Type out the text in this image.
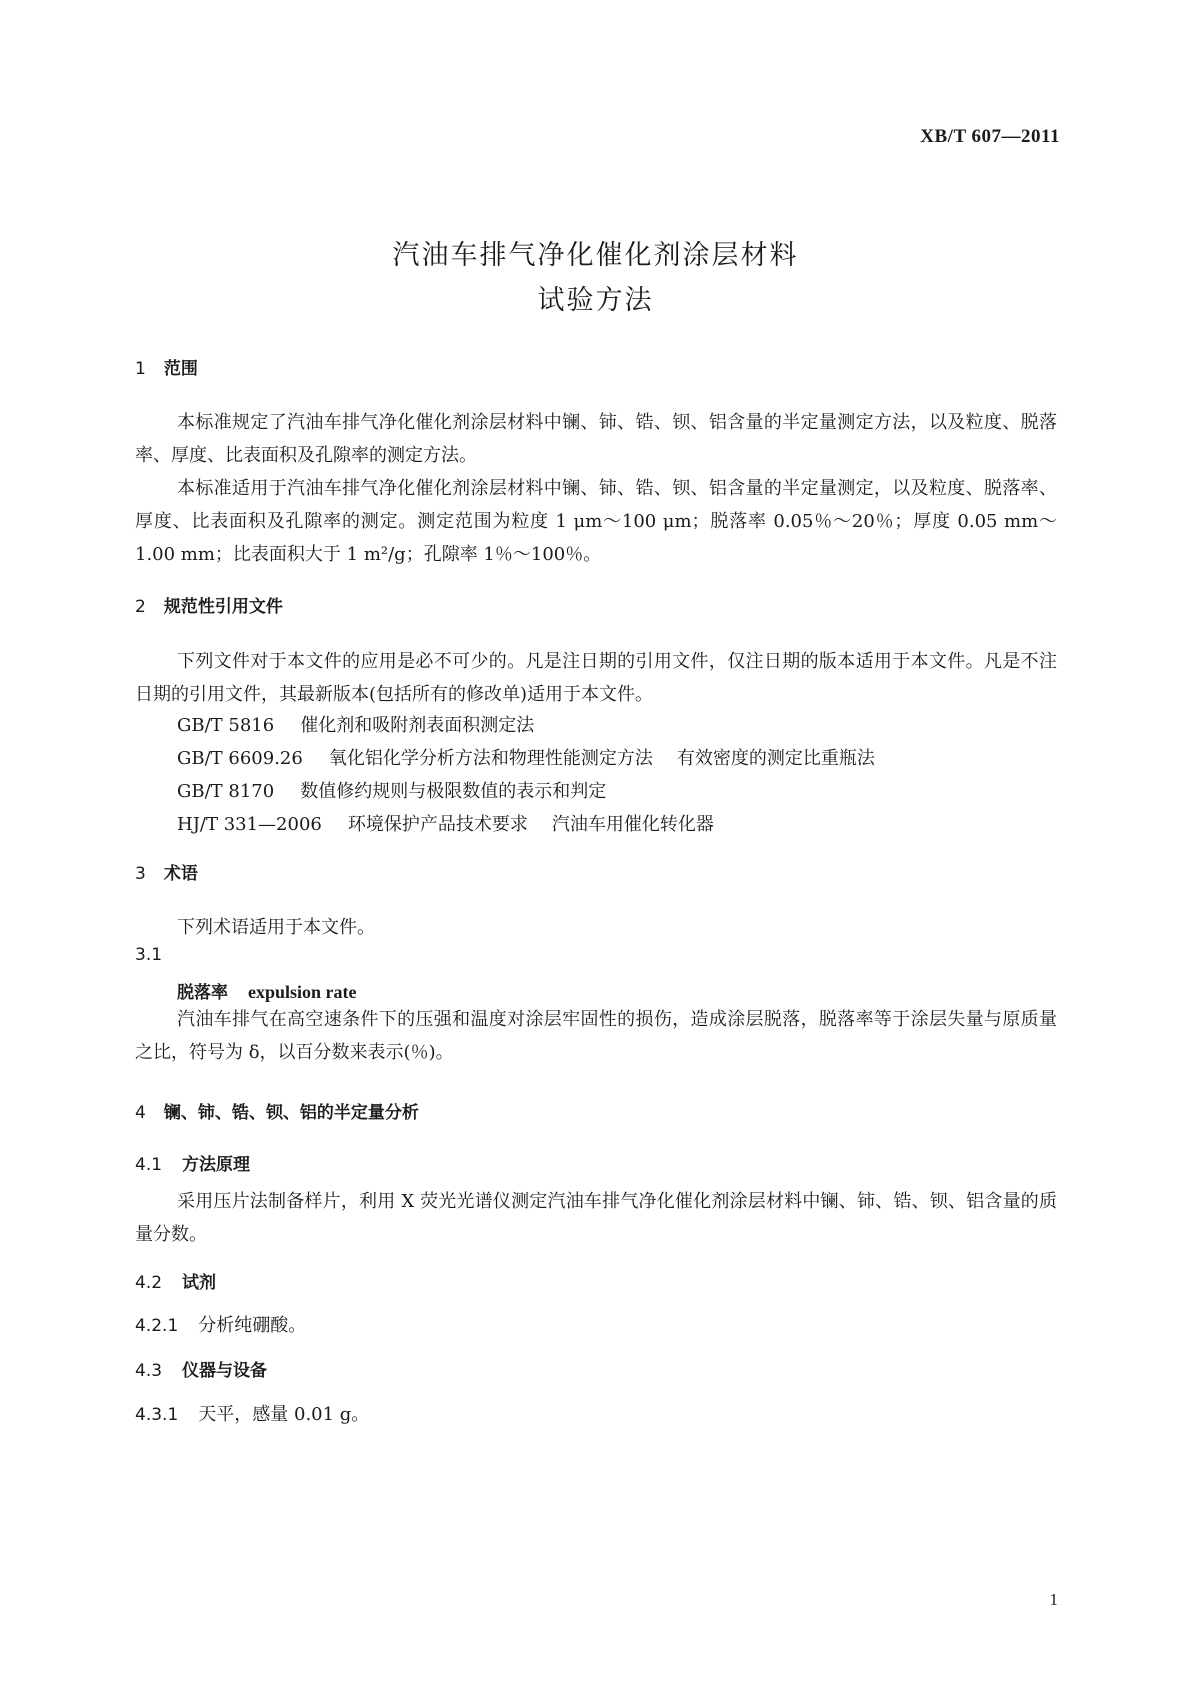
XB/T 607—2011
汽油车排气净化催化剂涂层材料
试验方法
1 范围
本标准规定了汽油车排气净化催化剂涂层材料中镧、铈、锆、钡、铝含量的半定量测定方法，以及粒度、脱落率、厚度、比表面积及孔隙率的测定方法。
本标准适用于汽油车排气净化催化剂涂层材料中镧、铈、锆、钡、铝含量的半定量测定，以及粒度、脱落率、厚度、比表面积及孔隙率的测定。测定范围为粒度 1 μm～100 μm；脱落率 0.05％～20％；厚度 0.05 mm～1.00 mm；比表面积大于 1 m²/g；孔隙率 1％～100％。
2 规范性引用文件
下列文件对于本文件的应用是必不可少的。凡是注日期的引用文件，仅注日期的版本适用于本文件。凡是不注日期的引用文件，其最新版本(包括所有的修改单)适用于本文件。
GB/T 5816 催化剂和吸附剂表面积测定法
GB/T 6609.26 氧化铝化学分析方法和物理性能测定方法 有效密度的测定比重瓶法
GB/T 8170 数值修约规则与极限数值的表示和判定
HJ/T 331—2006 环境保护产品技术要求 汽油车用催化转化器
3 术语
下列术语适用于本文件。
3.1
脱落率 expulsion rate
汽油车排气在高空速条件下的压强和温度对涂层牢固性的损伤，造成涂层脱落，脱落率等于涂层失量与原质量之比，符号为 δ，以百分数来表示(％)。
4 镧、铈、锆、钡、铝的半定量分析
4.1 方法原理
采用压片法制备样片，利用 X 荧光光谱仪测定汽油车排气净化催化剂涂层材料中镧、铈、锆、钡、铝含量的质量分数。
4.2 试剂
4.2.1 分析纯硼酸。
4.3 仪器与设备
4.3.1 天平，感量 0.01 g。
1
